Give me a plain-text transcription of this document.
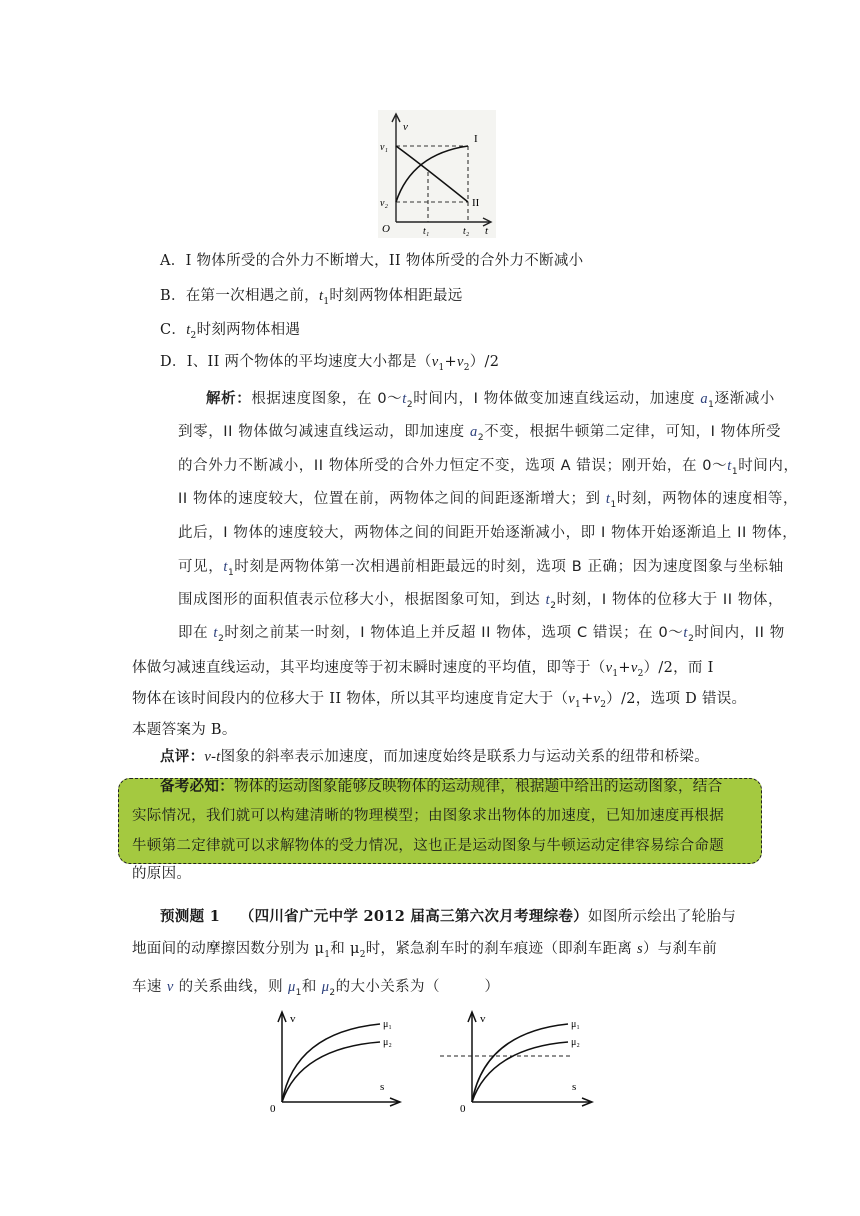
v
t
O
v₁
v₂
t₁	t₂
I
II
A．I 物体所受的合外力不断增大，II 物体所受的合外力不断减小
B．在第一次相遇之前，$t_1$时刻两物体相距最远
C．$t_2$时刻两物体相遇
D．I、II 两个物体的平均速度大小都是$(v_1+v_2)/2$
解析：根据速度图象，在 $0\sim t_2$时间内，I 物体做变加速直线运动，加速度 $a_1$逐渐减小
到零，II 物体做匀减速直线运动，即加速度 $a_2$不变，根据牛顿第二定律，可知，I 物体所受
的合外力不断减小，II 物体所受的合外力恒定不变，选项 A 错误；刚开始，在 $0\sim t_1$时间内，
II 物体的速度较大，位置在前，两物体之间的间距逐渐增大；到 $t_1$时刻，两物体的速度相等，
此后，I 物体的速度较大，两物体之间的间距开始逐渐减小，即 I 物体开始逐渐追上 II 物体，
可见，$t_1$时刻是两物体第一次相遇前相距最远的时刻，选项 B 正确；因为速度图象与坐标轴
围成图形的面积值表示位移大小，根据图象可知，到达 $t_2$时刻，I 物体的位移大于 II 物体，
即在 $t_2$时刻之前某一时刻，I 物体追上并反超 II 物体，选项 C 错误；在 $0\sim t_2$时间内，II 物
体做匀减速直线运动，其平均速度等于初末瞬时速度的平均值，即等于$(v_1+v_2)/2$，而 I
物体在该时间段内的位移大于 II 物体，所以其平均速度肯定大于$(v_1+v_2)/2$，选项 D 错误。
本题答案为 B。
点评：v-t图象的斜率表示加速度，而加速度始终是联系力与运动关系的纽带和桥梁。
备考必知：物体的运动图象能够反映物体的运动规律，根据题中给出的运动图象，结合
实际情况，我们就可以构建清晰的物理模型；由图象求出物体的加速度，已知加速度再根据
牛顿第二定律就可以求解物体的受力情况，这也正是运动图象与牛顿运动定律容易综合命题
的原因。
预测题 1 （四川省广元中学 2012 届高三第六次月考理综卷）如图所示绘出了轮胎与
地面间的动摩擦因数分别为 $\mu_1$和 $\mu_2$时，紧急刹车时的刹车痕迹（即刹车距离 s）与刹车前
车速 v 的关系曲线，则 $\mu_1$和 $\mu_2$的大小关系为（　　　）
v
s
0
μ₁
μ₂
v
s
0
μ₁
μ₂
